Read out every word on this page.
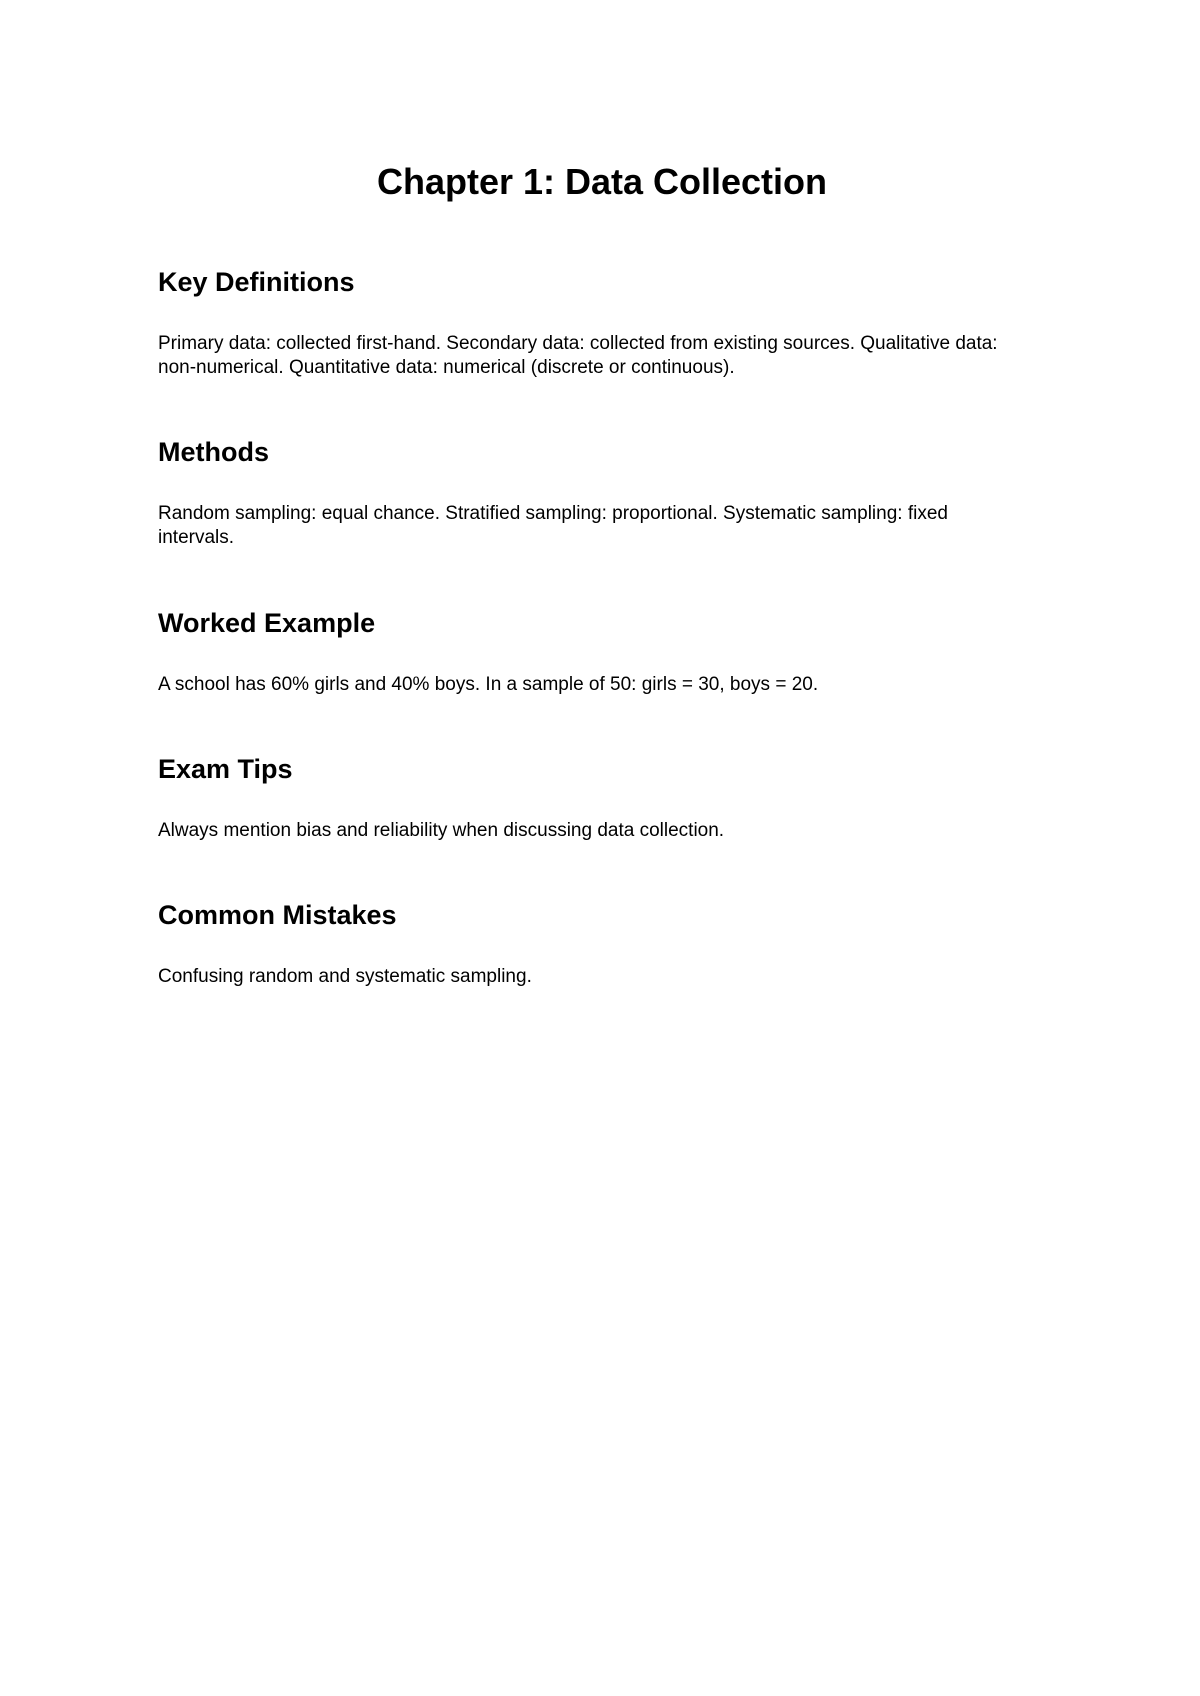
Chapter 1: Data Collection
Key Definitions

Primary data: collected first-hand. Secondary data: collected from existing sources. Qualitative data: non-numerical. Quantitative data: numerical (discrete or continuous).

Methods

Random sampling: equal chance. Stratified sampling: proportional. Systematic sampling: fixed intervals.

Worked Example

A school has 60% girls and 40% boys. In a sample of 50: girls = 30, boys = 20.

Exam Tips

Always mention bias and reliability when discussing data collection.

Common Mistakes

Confusing random and systematic sampling.
